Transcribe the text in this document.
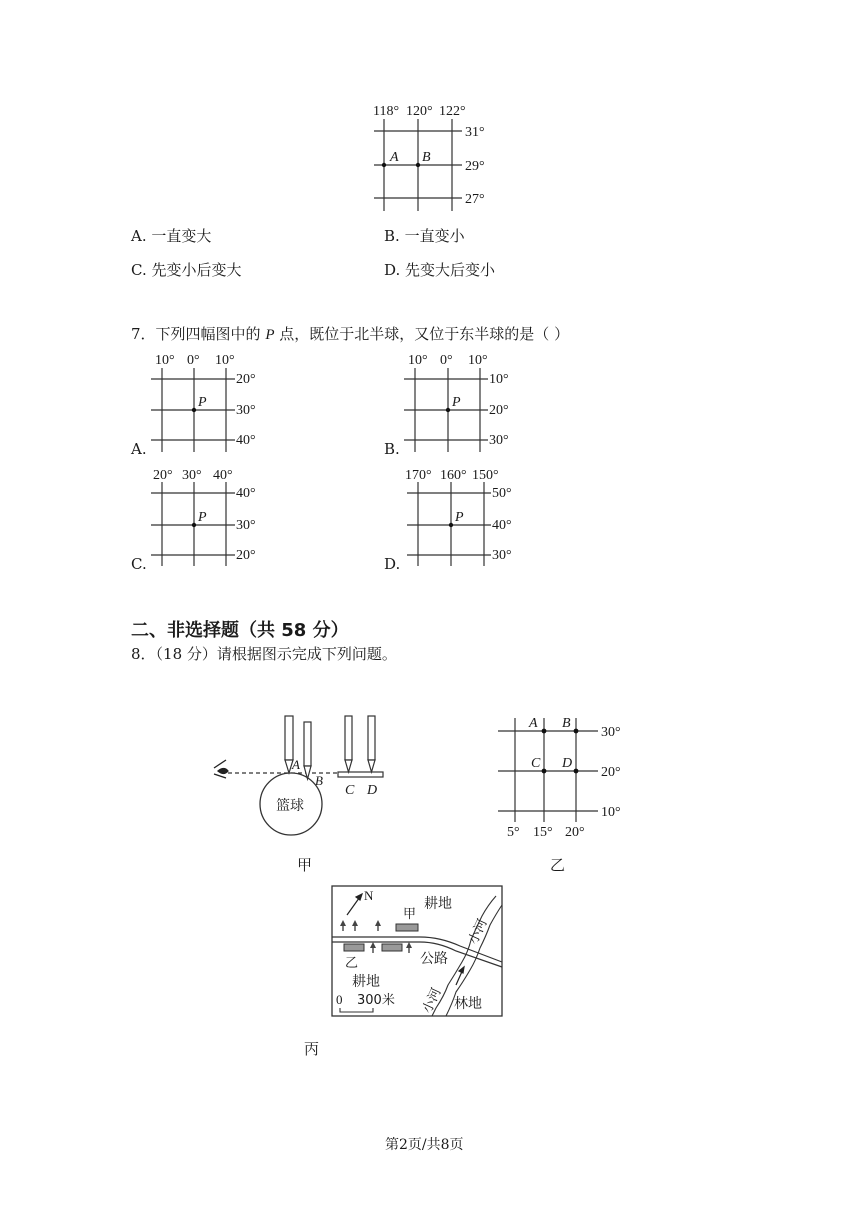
118° 120° 122°
31°
29°
27°
A B
A. 一直变大	B. 一直变小
C. 先变小后变大	D. 先变大后变小
7．下列四幅图中的 P 点，既位于北半球，又位于东半球的是（ ）
10° 0° 10°
20°
30°
40°
P
10° 0° 10°
10°
20°
30°
P
20° 30° 40°
40°
30°
20°
P
170° 160° 150°
50°
40°
30°
P
A.	B.
C.	D.
二、非选择题（共 58 分）
8．（18 分）请根据图示完成下列问题。
A
B
C D
篮球
甲
A B
C D
30°
20°
10°
5° 15° 20°
乙
N
甲
耕地
乙	公路
耕地
林地
小河
小河
0 300米
丙
第2页/共8页
